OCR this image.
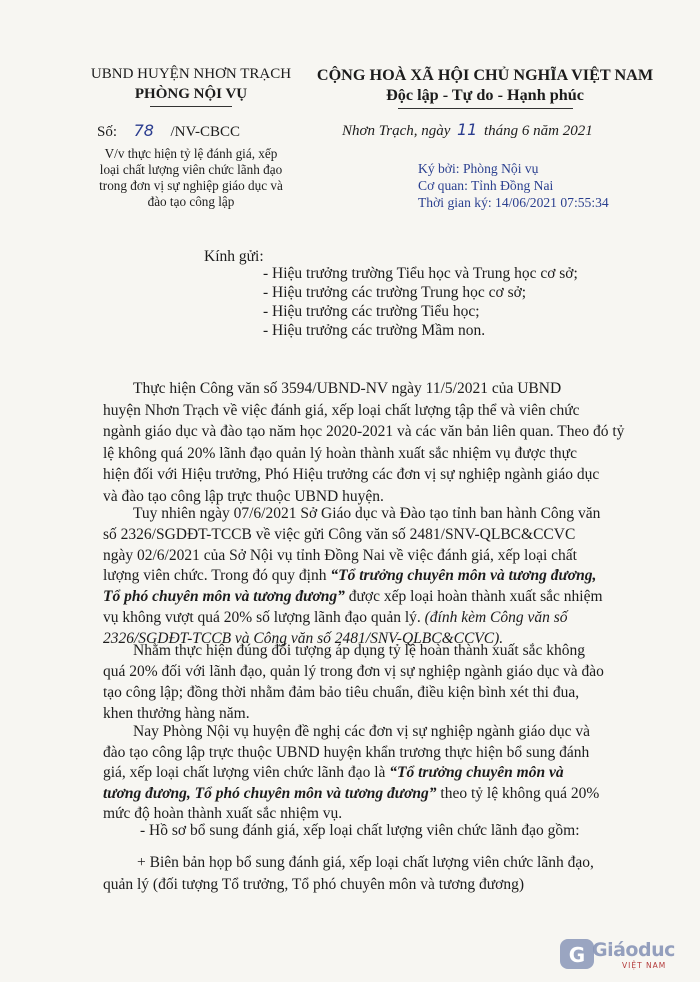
UBND HUYỆN NHƠN TRẠCH
PHÒNG NỘI VỤ
CỘNG HOÀ XÃ HỘI CHỦ NGHĨA VIỆT NAM
Độc lập - Tự do - Hạnh phúc
Số: 78 /NV-CBCC
V/v thực hiện tỷ lệ đánh giá, xếp
loại chất lượng viên chức lãnh đạo
trong đơn vị sự nghiệp giáo dục và
đào tạo công lập
Nhơn Trạch, ngày 11 tháng 6 năm 2021
Ký bởi: Phòng Nội vụ
Cơ quan: Tỉnh Đồng Nai
Thời gian ký: 14/06/2021 07:55:34
Kính gửi:
- Hiệu trưởng trường Tiểu học và Trung học cơ sở;
- Hiệu trưởng các trường Trung học cơ sở;
- Hiệu trưởng các trường Tiểu học;
- Hiệu trưởng các trường Mầm non.
Thực hiện Công văn số 3594/UBND-NV ngày 11/5/2021 của UBND
huyện Nhơn Trạch về việc đánh giá, xếp loại chất lượng tập thể và viên chức
ngành giáo dục và đào tạo năm học 2020-2021 và các văn bản liên quan. Theo đó tỷ
lệ không quá 20% lãnh đạo quản lý hoàn thành xuất sắc nhiệm vụ được thực
hiện đối với Hiệu trưởng, Phó Hiệu trưởng các đơn vị sự nghiệp ngành giáo dục
và đào tạo công lập trực thuộc UBND huyện.
Tuy nhiên ngày 07/6/2021 Sở Giáo dục và Đào tạo tỉnh ban hành Công văn
số 2326/SGDĐT-TCCB về việc gửi Công văn số 2481/SNV-QLBC&CCVC
ngày 02/6/2021 của Sở Nội vụ tỉnh Đồng Nai về việc đánh giá, xếp loại chất
lượng viên chức. Trong đó quy định “Tổ trưởng chuyên môn và tương đương,
Tổ phó chuyên môn và tương đương” được xếp loại hoàn thành xuất sắc nhiệm
vụ không vượt quá 20% số lượng lãnh đạo quản lý. (đính kèm Công văn số
2326/SGDĐT-TCCB và Công văn số 2481/SNV-QLBC&CCVC).
Nhằm thực hiện đúng đối tượng áp dụng tỷ lệ hoàn thành xuất sắc không
quá 20% đối với lãnh đạo, quản lý trong đơn vị sự nghiệp ngành giáo dục và đào
tạo công lập; đồng thời nhằm đảm bảo tiêu chuẩn, điều kiện bình xét thi đua,
khen thưởng hàng năm.
Nay Phòng Nội vụ huyện đề nghị các đơn vị sự nghiệp ngành giáo dục và
đào tạo công lập trực thuộc UBND huyện khẩn trương thực hiện bổ sung đánh
giá, xếp loại chất lượng viên chức lãnh đạo là “Tổ trưởng chuyên môn và
tương đương, Tổ phó chuyên môn và tương đương” theo tỷ lệ không quá 20%
mức độ hoàn thành xuất sắc nhiệm vụ.
- Hồ sơ bổ sung đánh giá, xếp loại chất lượng viên chức lãnh đạo gồm:
+ Biên bản họp bổ sung đánh giá, xếp loại chất lượng viên chức lãnh đạo,
quản lý (đối tượng Tổ trưởng, Tổ phó chuyên môn và tương đương)
G Giáoduc
VIỆT NAM
